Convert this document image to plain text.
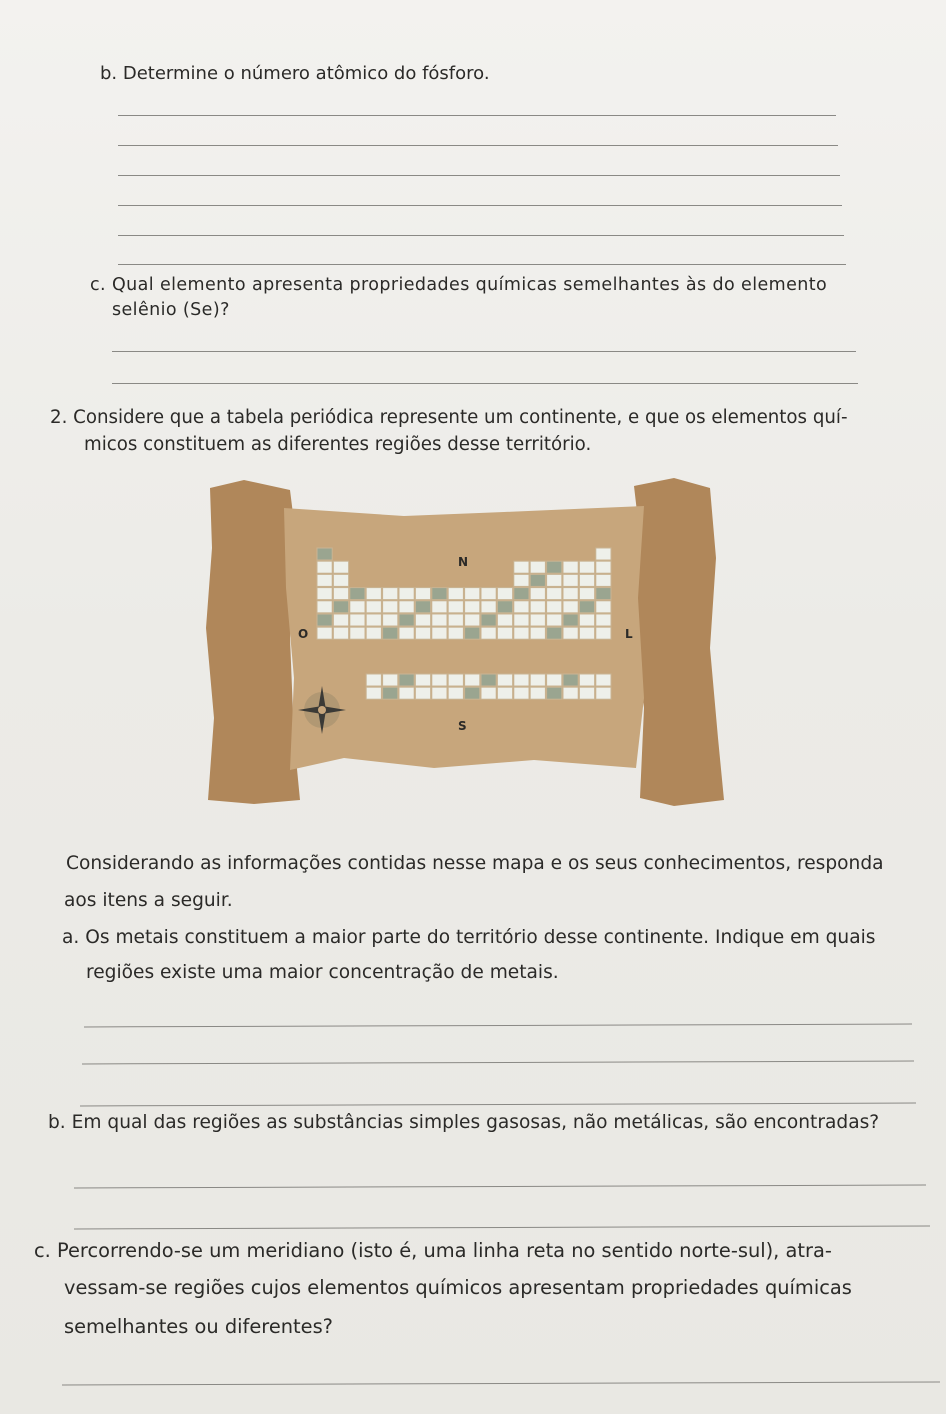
b. Determine o número atômico do fósforo.
c. Qual elemento apresenta propriedades químicas semelhantes às do elemento
selênio (Se)?
2. Considere que a tabela periódica represente um continente, e que os elementos quí-
micos constituem as diferentes regiões desse território.
N
O	L
S
Considerando as informações contidas nesse mapa e os seus conhecimentos, responda
aos itens a seguir.
a. Os metais constituem a maior parte do território desse continente. Indique em quais
regiões existe uma maior concentração de metais.
b. Em qual das regiões as substâncias simples gasosas, não metálicas, são encontradas?
c. Percorrendo-se um meridiano (isto é, uma linha reta no sentido norte-sul), atra-
vessam-se regiões cujos elementos químicos apresentam propriedades químicas
semelhantes ou diferentes?
